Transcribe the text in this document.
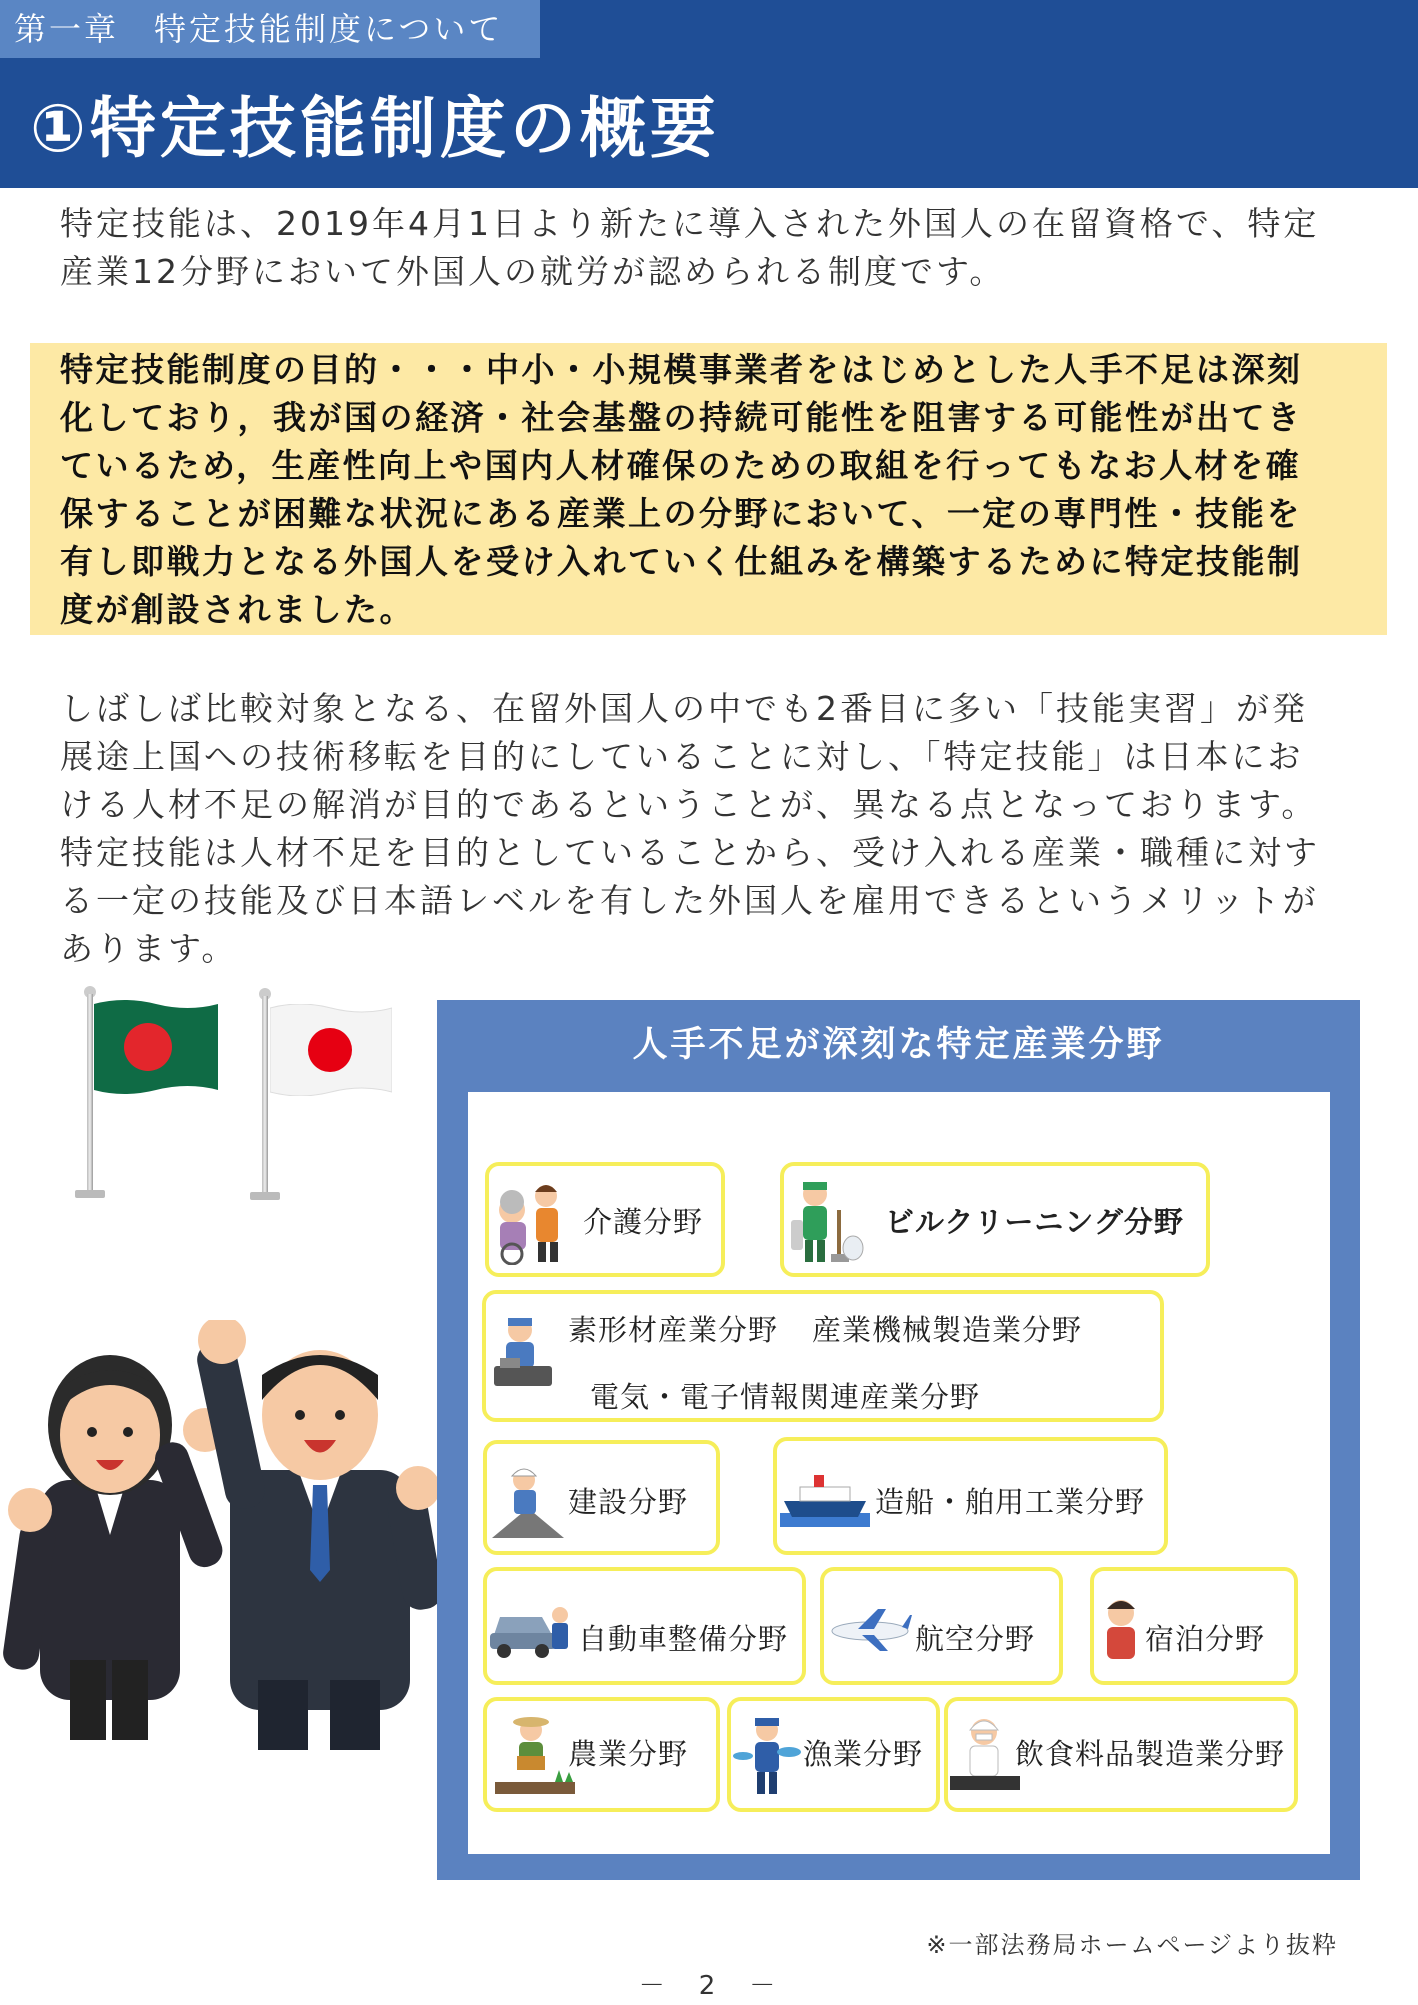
第一章　特定技能制度について
①特定技能制度の概要
特定技能は、2019年4月1日より新たに導入された外国人の在留資格で、特定
産業12分野において外国人の就労が認められる制度です。
特定技能制度の目的・・・中小・小規模事業者をはじめとした人手不足は深刻
化しており，我が国の経済・社会基盤の持続可能性を阻害する可能性が出てき
ているため，生産性向上や国内人材確保のための取組を行ってもなお人材を確
保することが困難な状況にある産業上の分野において、一定の専門性・技能を
有し即戦力となる外国人を受け入れていく仕組みを構築するために特定技能制
度が創設されました。
しばしば比較対象となる、在留外国人の中でも2番目に多い「技能実習」が発
展途上国への技術移転を目的にしていることに対し、「特定技能」は日本にお
ける人材不足の解消が目的であるということが、異なる点となっております。
特定技能は人材不足を目的としていることから、受け入れる産業・職種に対す
る一定の技能及び日本語レベルを有した外国人を雇用できるというメリットが
あります。
人手不足が深刻な特定産業分野
介護分野	ビルクリーニング分野
素形材産業分野 産業機械製造業分野
電気・電子情報関連産業分野
建設分野	造船・舶用工業分野
自動車整備分野	航空分野	宿泊分野
農業分野	漁業分野	飲食料品製造業分野
※一部法務局ホームページより抜粋
－　2　－
